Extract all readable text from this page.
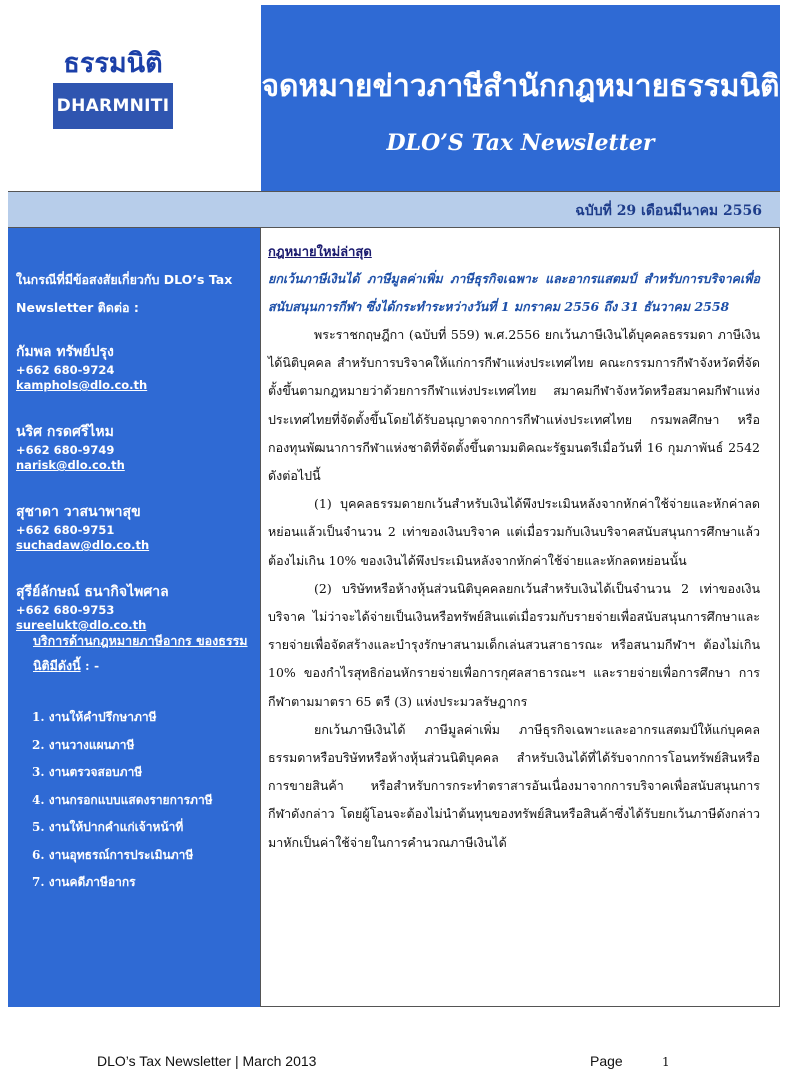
ธรรมนิติ
DHARMNITI
จดหมายข่าวภาษีสำนักกฎหมายธรรมนิติ
DLO’S Tax Newsletter
ฉบับที่ 29 เดือนมีนาคม 2556
ในกรณีที่มีข้อสงสัยเกี่ยวกับ DLO’s Tax Newsletter ติดต่อ :
กัมพล ทรัพย์ปรุง
+662 680-9724
kamphols@dlo.co.th
นริศ กรดศรีไหม
+662 680-9749
narisk@dlo.co.th
สุชาดา วาสนาพาสุข
+662 680-9751
suchadaw@dlo.co.th
สุรีย์ลักษณ์ ธนากิจไพศาล
+662 680-9753
sureelukt@dlo.co.th
บริการด้านกฎหมายภาษีอากร ของธรรมนิติมีดังนี้ : -
1. งานให้คำปรึกษาภาษี
2. งานวางแผนภาษี
3. งานตรวจสอบภาษี
4. งานกรอกแบบแสดงรายการภาษี
5. งานให้ปากคำแก่เจ้าหน้าที่
6. งานอุทธรณ์การประเมินภาษี
7. งานคดีภาษีอากร
กฎหมายใหม่ล่าสุด
ยกเว้นภาษีเงินได้ ภาษีมูลค่าเพิ่ม ภาษีธุรกิจเฉพาะ และอากรแสตมป์ สำหรับการบริจาคเพื่อสนับสนุนการกีฬา ซึ่งได้กระทำระหว่างวันที่ 1 มกราคม 2556 ถึง 31 ธันวาคม 2558

พระราชกฤษฎีกา (ฉบับที่ 559) พ.ศ.2556 ยกเว้นภาษีเงินได้บุคคลธรรมดา ภาษีเงินได้นิติบุคคล สำหรับการบริจาคให้แก่การกีฬาแห่งประเทศไทย คณะกรรมการกีฬาจังหวัดที่จัดตั้งขึ้นตามกฎหมายว่าด้วยการกีฬาแห่งประเทศไทย สมาคมกีฬาจังหวัดหรือสมาคมกีฬาแห่งประเทศไทยที่จัดตั้งขึ้นโดยได้รับอนุญาตจากการกีฬาแห่งประเทศไทย กรมพลศึกษา หรือกองทุนพัฒนาการกีฬาแห่งชาติที่จัดตั้งขึ้นตามมติคณะรัฐมนตรีเมื่อวันที่ 16 กุมภาพันธ์ 2542 ดังต่อไปนี้

(1) บุคคลธรรมดายกเว้นสำหรับเงินได้พึงประเมินหลังจากหักค่าใช้จ่ายและหักค่าลดหย่อนแล้วเป็นจำนวน 2 เท่าของเงินบริจาค แต่เมื่อรวมกับเงินบริจาคสนับสนุนการศึกษาแล้ว ต้องไม่เกิน 10% ของเงินได้พึงประเมินหลังจากหักค่าใช้จ่ายและหักลดหย่อนนั้น

(2) บริษัทหรือห้างหุ้นส่วนนิติบุคคลยกเว้นสำหรับเงินได้เป็นจำนวน 2 เท่าของเงินบริจาค ไม่ว่าจะได้จ่ายเป็นเงินหรือทรัพย์สินแต่เมื่อรวมกับรายจ่ายเพื่อสนับสนุนการศึกษาและรายจ่ายเพื่อจัดสร้างและบำรุงรักษาสนามเด็กเล่นสวนสาธารณะ หรือสนามกีฬาฯ ต้องไม่เกิน 10% ของกำไรสุทธิก่อนหักรายจ่ายเพื่อการกุศลสาธารณะฯ และรายจ่ายเพื่อการศึกษา การกีฬาตามมาตรา 65 ตรี (3) แห่งประมวลรัษฎากร

ยกเว้นภาษีเงินได้ ภาษีมูลค่าเพิ่ม ภาษีธุรกิจเฉพาะและอากรแสตมป์ให้แก่บุคคลธรรมดาหรือบริษัทหรือห้างหุ้นส่วนนิติบุคคล สำหรับเงินได้ที่ได้รับจากการโอนทรัพย์สินหรือการขายสินค้า หรือสำหรับการกระทำตราสารอันเนื่องมาจากการบริจาคเพื่อสนับสนุนการกีฬาดังกล่าว โดยผู้โอนจะต้องไม่นำต้นทุนของทรัพย์สินหรือสินค้าซึ่งได้รับยกเว้นภาษีดังกล่าวมาหักเป็นค่าใช้จ่ายในการคำนวณภาษีเงินได้

DLO’s Tax Newsletter | March 2013	Page	1
